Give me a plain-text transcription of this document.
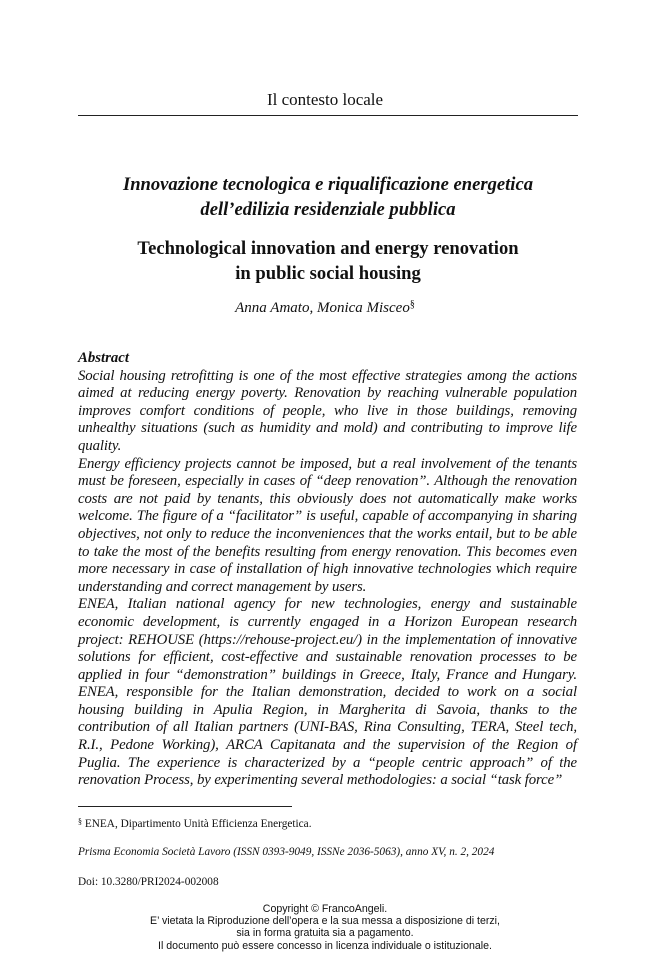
Il contesto locale
Innovazione tecnologica e riqualificazione energetica
dell’edilizia residenziale pubblica
Technological innovation and energy renovation
in public social housing
Anna Amato, Monica Misceo§
Abstract

Social housing retrofitting is one of the most effective strategies among the actions aimed at reducing energy poverty. Renovation by reaching vulnerable population improves comfort conditions of people, who live in those buildings, removing unhealthy situations (such as humidity and mold) and contributing to improve life quality.

Energy efficiency projects cannot be imposed, but a real involvement of the tenants must be foreseen, especially in cases of “deep renovation”. Although the renovation costs are not paid by tenants, this obviously does not automatically make works welcome. The figure of a “facilitator” is useful, capable of accompanying in sharing objectives, not only to reduce the inconveniences that the works entail, but to be able to take the most of the benefits resulting from energy renovation. This becomes even more necessary in case of installation of high innovative technologies which require understanding and correct management by users.

ENEA, Italian national agency for new technologies, energy and sustainable economic development, is currently engaged in a Horizon European research project: REHOUSE (https://rehouse-project.eu/) in the implementation of innovative solutions for efficient, cost-effective and sustainable renovation processes to be applied in four “demonstration” buildings in Greece, Italy, France and Hungary. ENEA, responsible for the Italian demonstration, decided to work on a social housing building in Apulia Region, in Margherita di Savoia, thanks to the contribution of all Italian partners (UNI-BAS, Rina Consulting, TERA, Steel tech, R.I., Pedone Working), ARCA Capitanata and the supervision of the Region of Puglia. The experience is characterized by a “people centric approach” of the renovation Process, by experimenting several methodologies: a social “task force”

§ ENEA, Dipartimento Unità Efficienza Energetica.
Prisma Economia Società Lavoro (ISSN 0393-9049, ISSNe 2036-5063), anno XV, n. 2, 2024
Doi: 10.3280/PRI2024-002008
Copyright © FrancoAngeli.
E’ vietata la Riproduzione dell’opera e la sua messa a disposizione di terzi,
sia in forma gratuita sia a pagamento.
Il documento può essere concesso in licenza individuale o istituzionale.
